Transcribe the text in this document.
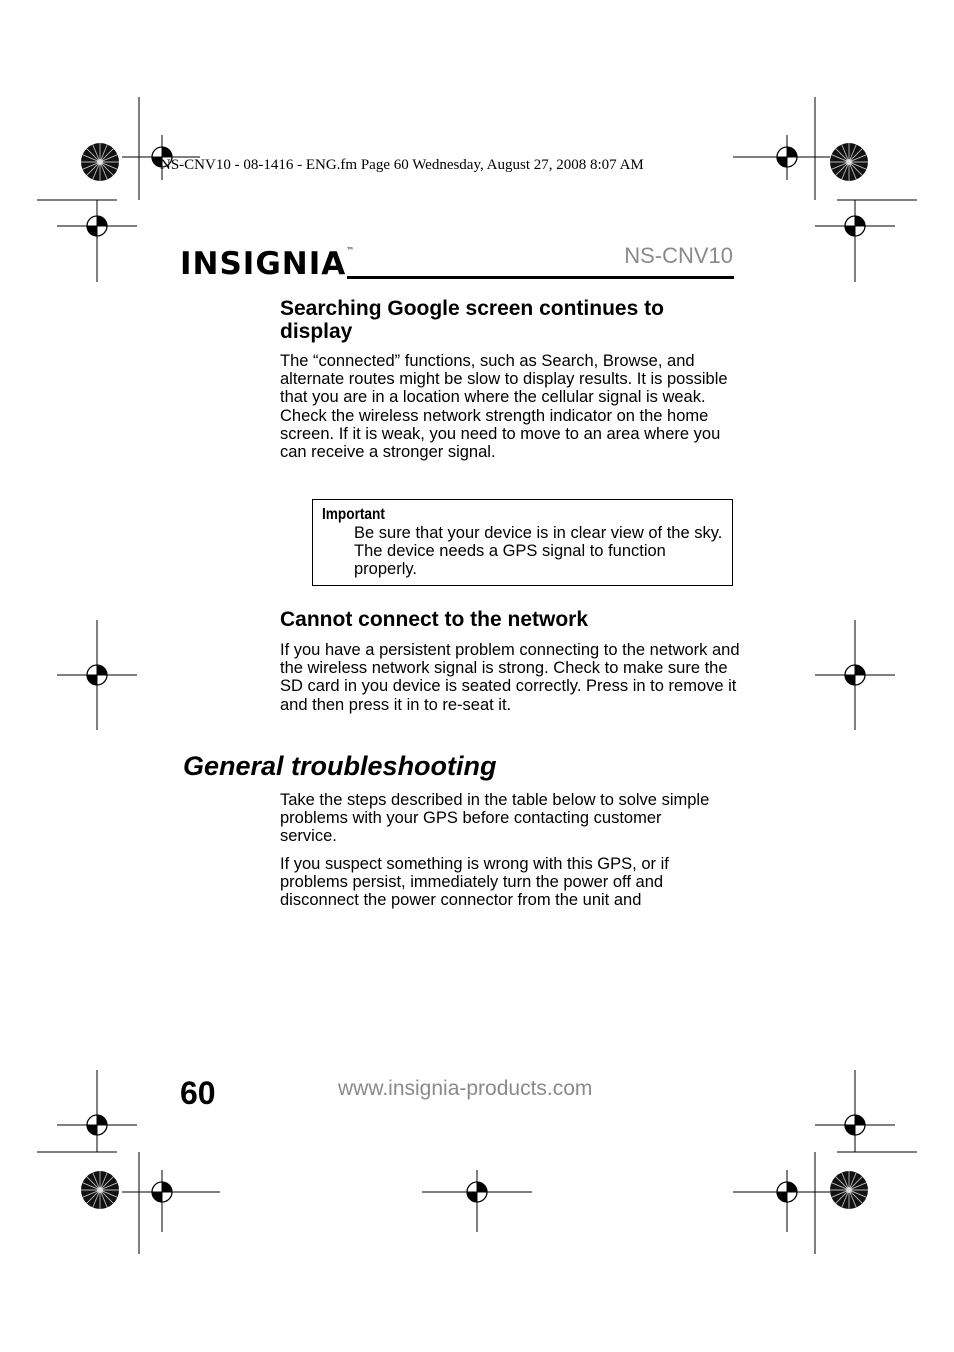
NS-CNV10 - 08-1416 - ENG.fm Page 60 Wednesday, August 27, 2008 8:07 AM
INSIGNIA™	NS-CNV10
Searching Google screen continues to display

The “connected” functions, such as Search, Browse, and alternate routes might be slow to display results. It is possible that you are in a location where the cellular signal is weak. Check the wireless network strength indicator on the home screen. If it is weak, you need to move to an area where you can receive a stronger signal.

Important

Be sure that your device is in clear view of the sky. The device needs a GPS signal to function properly.

Cannot connect to the network

If you have a persistent problem connecting to the network and the wireless network signal is strong. Check to make sure the SD card in you device is seated correctly. Press in to remove it and then press it in to re-seat it.

General troubleshooting

Take the steps described in the table below to solve simple problems with your GPS before contacting customer service.

If you suspect something is wrong with this GPS, or if problems persist, immediately turn the power off and disconnect the power connector from the unit and

60	www.insignia-products.com
